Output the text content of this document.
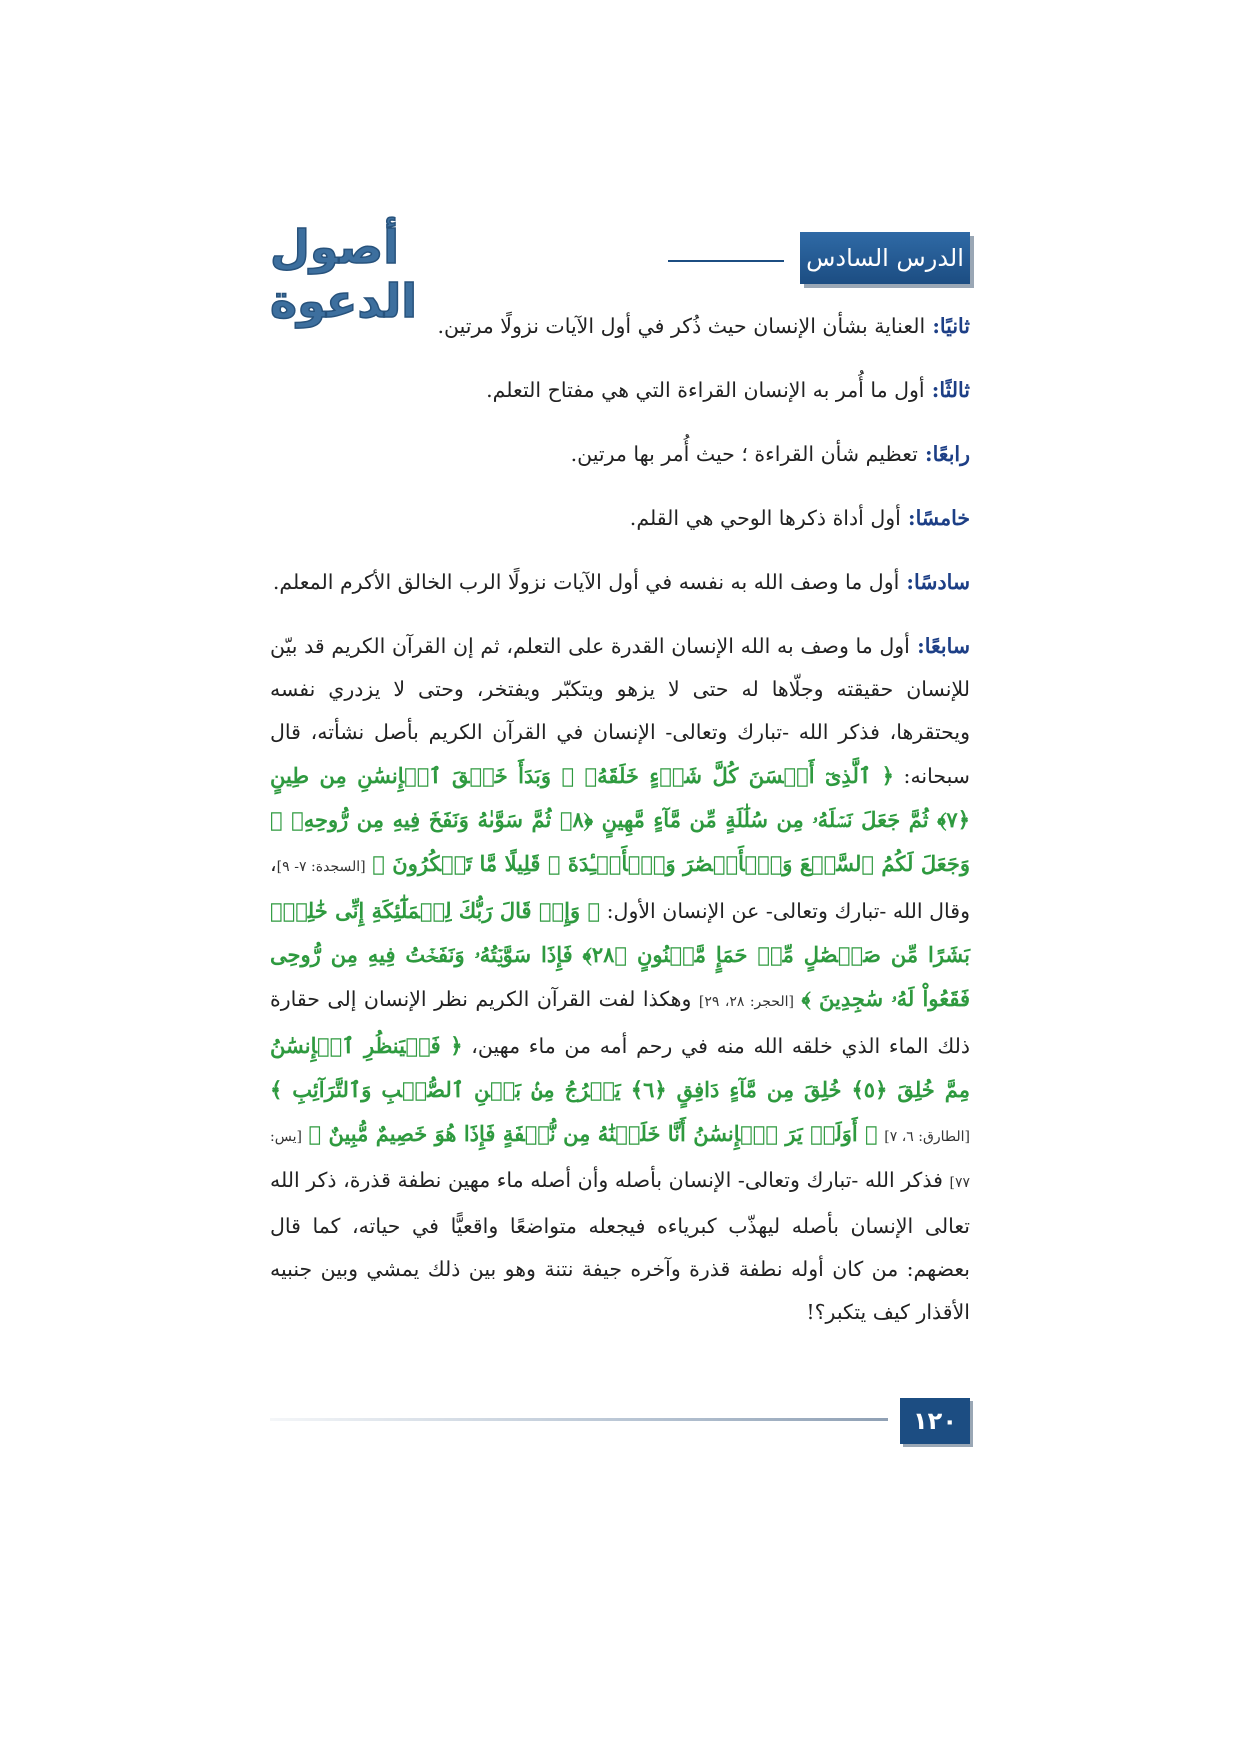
الدرس السادس
أصول الدعوة	ثانيًا: العناية بشأن الإنسان حيث ذُكر في أول الآيات نزولًا مرتين.

ثالثًا: أول ما أُمر به الإنسان القراءة التي هي مفتاح التعلم.

رابعًا: تعظيم شأن القراءة ؛ حيث أُمر بها مرتين.

خامسًا: أول أداة ذكرها الوحي هي القلم.

سادسًا: أول ما وصف الله به نفسه في أول الآيات نزولًا الرب الخالق الأكرم المعلم.

سابعًا: أول ما وصف به الله الإنسان القدرة على التعلم، ثم إن القرآن الكريم قد بيّن للإنسان حقيقته وجلّاها له حتى لا يزهو ويتكبّر ويفتخر، وحتى لا يزدري نفسه ويحتقرها، فذكر الله -تبارك وتعالى- الإنسان في القرآن الكريم بأصل نشأته، قال سبحانه: ﴿ ٱلَّذِىٓ أَحۡسَنَ كُلَّ شَىۡءٍ خَلَقَهُۥ ۖ وَبَدَأَ خَلۡقَ ٱلۡإِنسَٰنِ مِن طِينٍ ﴿٧﴾ ثُمَّ جَعَلَ نَسۡلَهُۥ مِن سُلَٰلَةٍ مِّن مَّآءٍ مَّهِينٍ ﴿٨﴾ ثُمَّ سَوَّىٰهُ وَنَفَخَ فِيهِ مِن رُّوحِهِۦ ۖ وَجَعَلَ لَكُمُ ٱلسَّمۡعَ وَٱلۡأَبۡصَٰرَ وَٱلۡأَفۡـِٔدَةَ ۚ قَلِيلًا مَّا تَشۡكُرُونَ ﴾ [السجدة: ٧- ٩]، وقال الله -تبارك وتعالى- عن الإنسان الأول: ﴿ وَإِذۡ قَالَ رَبُّكَ لِلۡمَلَٰٓئِكَةِ إِنِّى خَٰلِقُۢ بَشَرًا مِّن صَلۡصَٰلٍ مِّنۡ حَمَإٍ مَّسۡنُونٍ ﴿٢٨﴾ فَإِذَا سَوَّيۡتُهُۥ وَنَفَخۡتُ فِيهِ مِن رُّوحِى فَقَعُواْ لَهُۥ سَٰجِدِينَ ﴾ [الحجر: ٢٨، ٢٩] وهكذا لفت القرآن الكريم نظر الإنسان إلى حقارة ذلك الماء الذي خلقه الله منه في رحم أمه من ماء مهين، ﴿ فَلۡيَنظُرِ ٱلۡإِنسَٰنُ مِمَّ خُلِقَ ﴿٥﴾ خُلِقَ مِن مَّآءٍ دَافِقٍ ﴿٦﴾ يَخۡرُجُ مِنۢ بَيۡنِ ٱلصُّلۡبِ وَٱلتَّرَآئِبِ ﴾ [الطارق: ٦، ٧] ﴿ أَوَلَمۡ يَرَ ٱلۡإِنسَٰنُ أَنَّا خَلَقۡنَٰهُ مِن نُّطۡفَةٍ فَإِذَا هُوَ خَصِيمٌ مُّبِينٌ ﴾ [يس: ٧٧] فذكر الله -تبارك وتعالى- الإنسان بأصله وأن أصله ماء مهين نطفة قذرة، ذكر الله تعالى الإنسان بأصله ليهذّب كبرياءه فيجعله متواضعًا واقعيًّا في حياته، كما قال بعضهم: من كان أوله نطفة قذرة وآخره جيفة نتنة وهو بين ذلك يمشي وبين جنبيه الأقذار كيف يتكبر؟!

١٢٠
